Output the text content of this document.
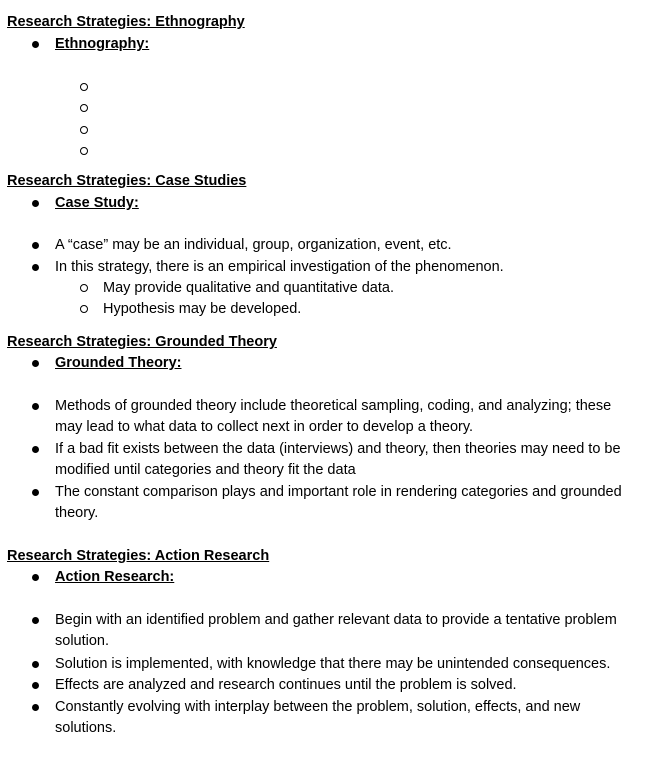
Research Strategies: Ethnography
Ethnography:
Research Strategies: Case Studies
Case Study:
A “case” may be an individual, group, organization, event, etc.
In this strategy, there is an empirical investigation of the phenomenon.
May provide qualitative and quantitative data.
Hypothesis may be developed.
Research Strategies: Grounded Theory
Grounded Theory:
Methods of grounded theory include theoretical sampling, coding, and analyzing; these may lead to what data to collect next in order to develop a theory.
If a bad fit exists between the data (interviews) and theory, then theories may need to be modified until categories and theory fit the data
The constant comparison plays and important role in rendering categories and grounded theory.
Research Strategies: Action Research
Action Research:
Begin with an identified problem and gather relevant data to provide a tentative problem solution.
Solution is implemented, with knowledge that there may be unintended consequences.
Effects are analyzed and research continues until the problem is solved.
Constantly evolving with interplay between the problem, solution, effects, and new solutions.
